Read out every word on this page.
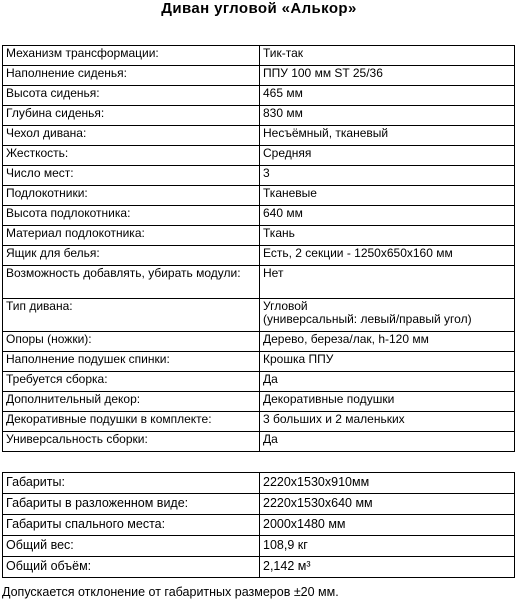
Диван угловой «Алькор»
Механизм трансформации:	Тик-так

Наполнение сиденья:	ППУ 100 мм ST 25/36

Высота сиденья:	465 мм

Глубина сиденья:	830 мм

Чехол дивана:	Несъёмный, тканевый

Жесткость:	Средняя

Число мест:	3

Подлокотники:	Тканевые

Высота подлокотника:	640 мм

Материал подлокотника:	Ткань

Ящик для белья:	Есть, 2 секции - 1250х650х160 мм

Возможность добавлять, убирать модули:	Нет

Тип дивана:	Угловой
(универсальный: левый/правый угол)

Опоры (ножки):	Дерево, береза/лак, h-120 мм

Наполнение подушек спинки:	Крошка ППУ

Требуется сборка:	Да

Дополнительный декор:	Декоративные подушки

Декоративные подушки в комплекте:	3 больших и 2 маленьких

Универсальность сборки:	Да
Габариты:	2220х1530х910мм

Габариты в разложенном виде:	2220х1530х640 мм

Габариты спального места:	2000х1480 мм

Общий вес:	108,9 кг

Общий объём:	2,142 м³
Допускается отклонение от габаритных размеров ±20 мм.
